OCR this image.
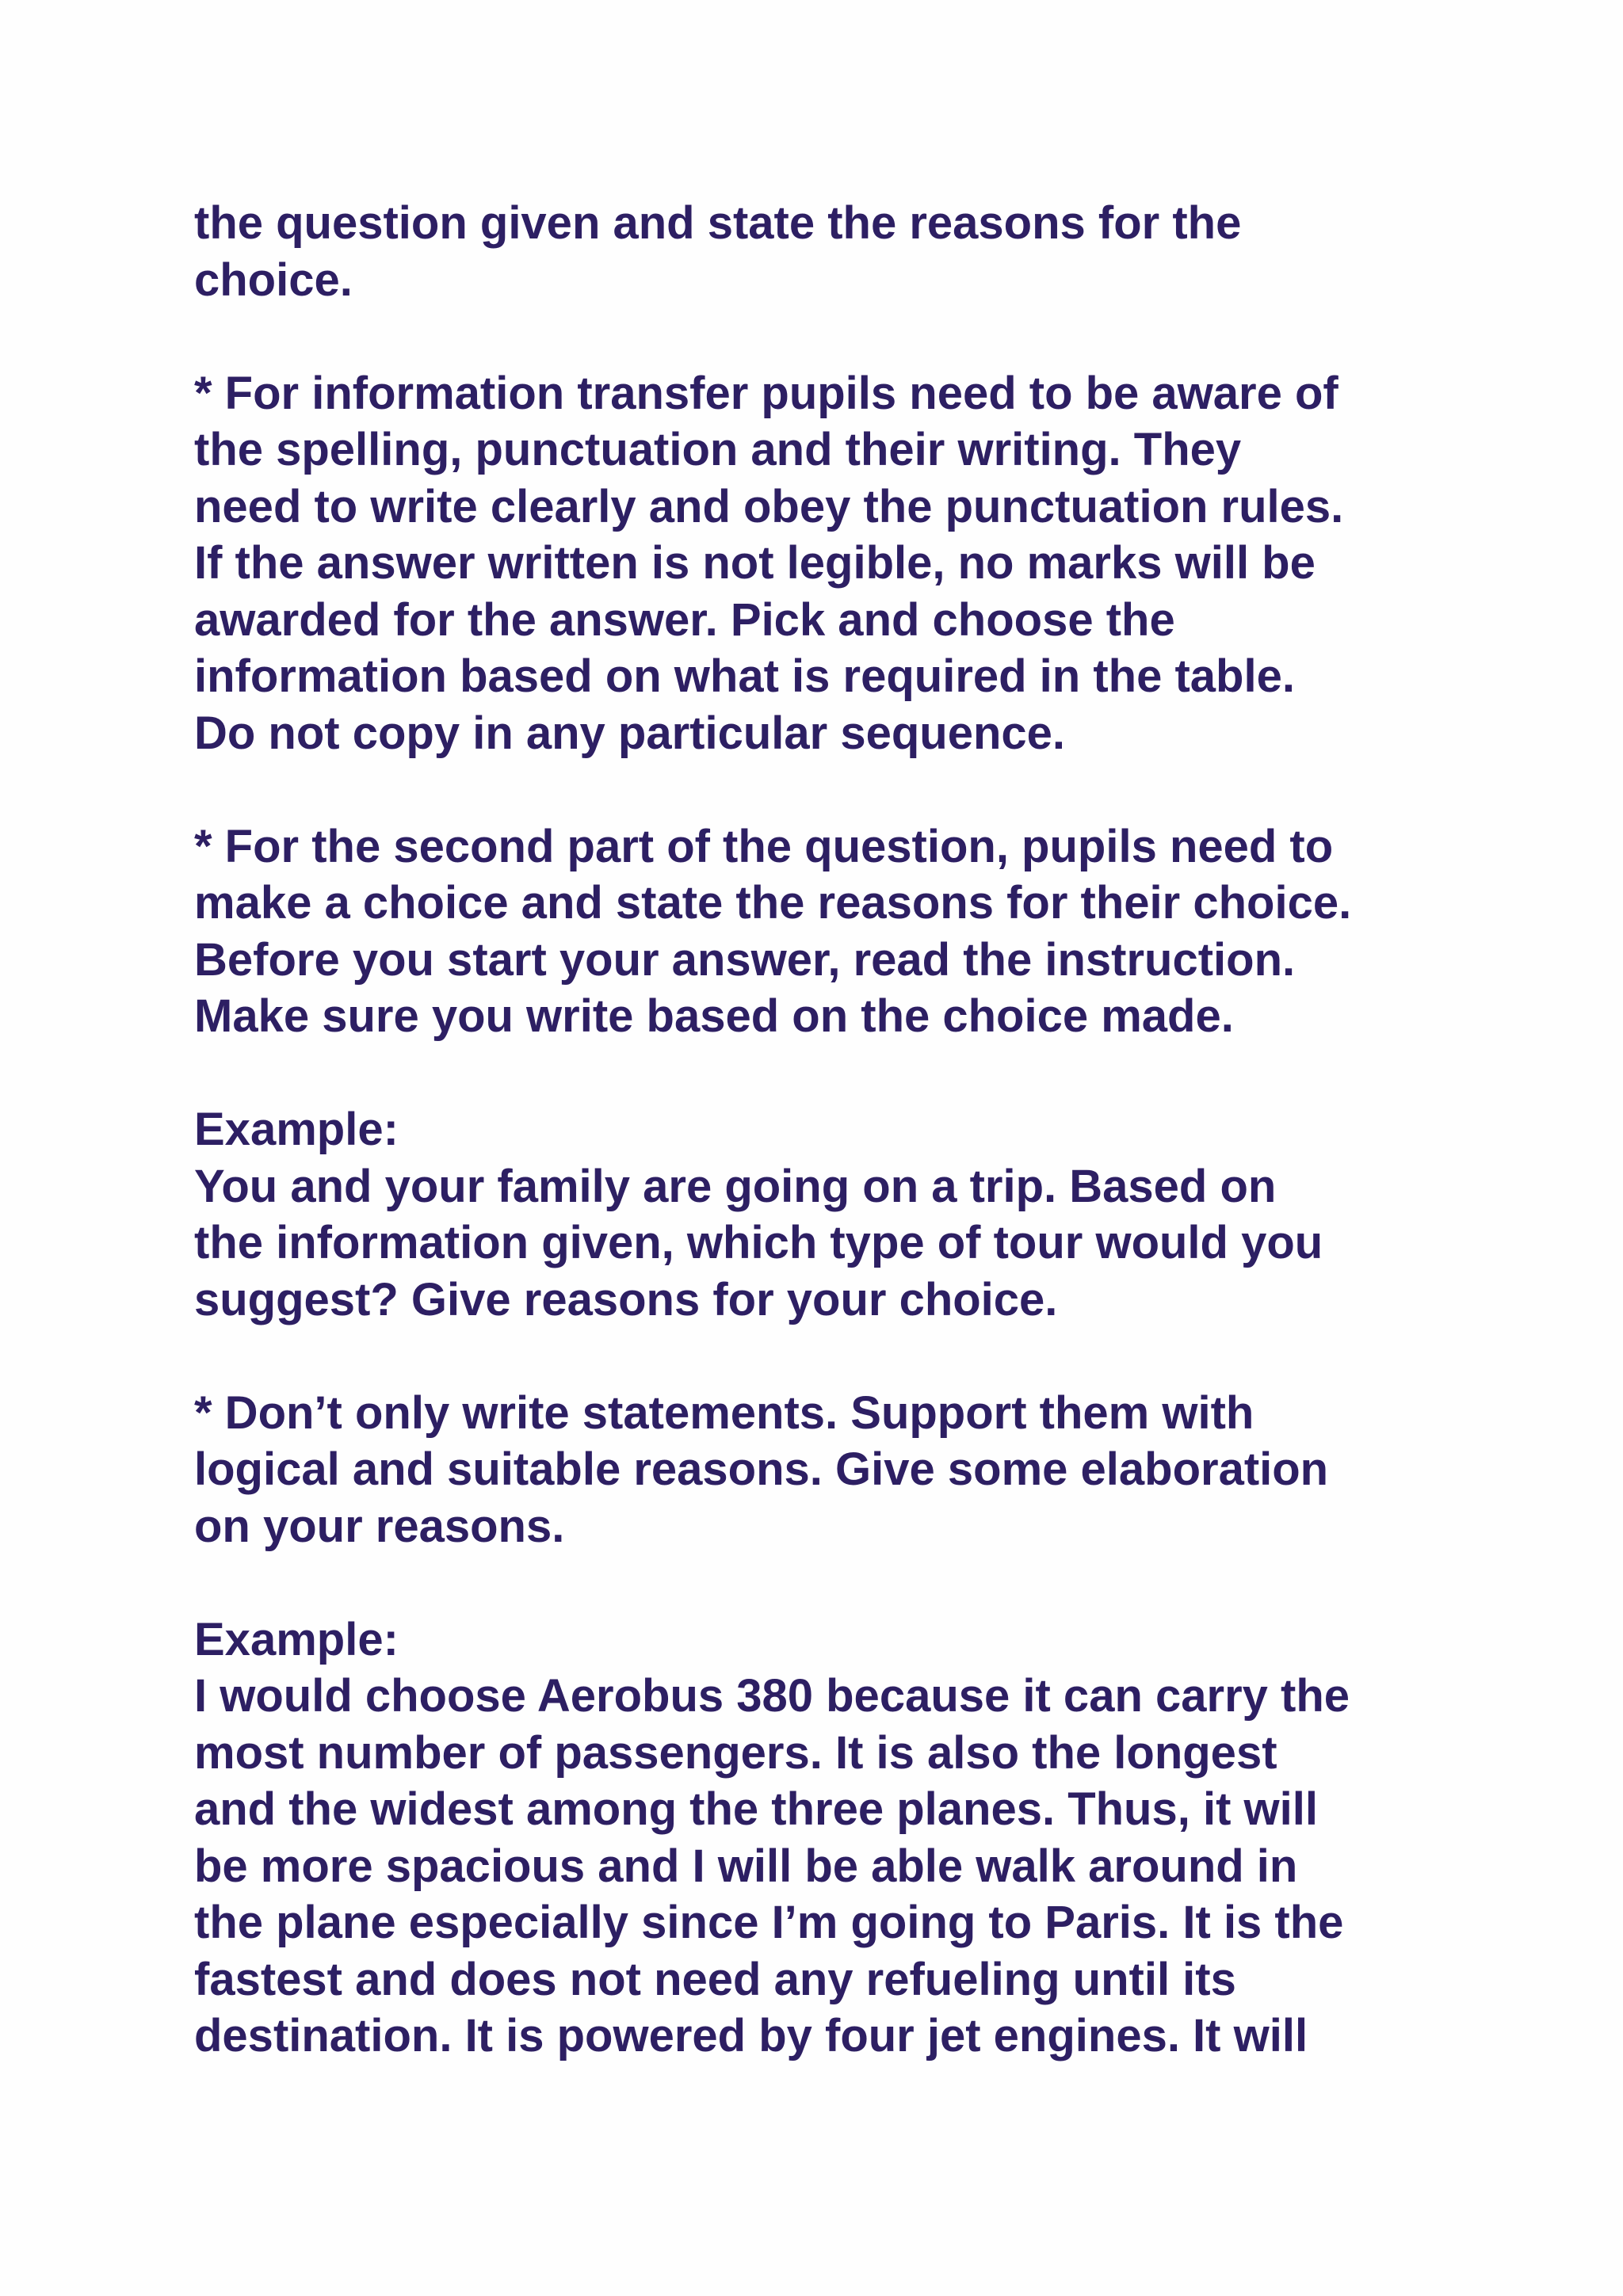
the question given and state the reasons for the
choice.
* For information transfer pupils need to be aware of
the spelling, punctuation and their writing. They
need to write clearly and obey the punctuation rules.
If the answer written is not legible, no marks will be
awarded for the answer. Pick and choose the
information based on what is required in the table.
Do not copy in any particular sequence.
* For the second part of the question, pupils need to
make a choice and state the reasons for their choice.
Before you start your answer, read the instruction.
Make sure you write based on the choice made.
Example:
You and your family are going on a trip. Based on
the information given, which type of tour would you
suggest? Give reasons for your choice.
* Don’t only write statements. Support them with
logical and suitable reasons. Give some elaboration
on your reasons.
Example:
I would choose Aerobus 380 because it can carry the
most number of passengers. It is also the longest
and the widest among the three planes. Thus, it will
be more spacious and I will be able walk around in
the plane especially since I’m going to Paris. It is the
fastest and does not need any refueling until its
destination. It is powered by four jet engines. It will
